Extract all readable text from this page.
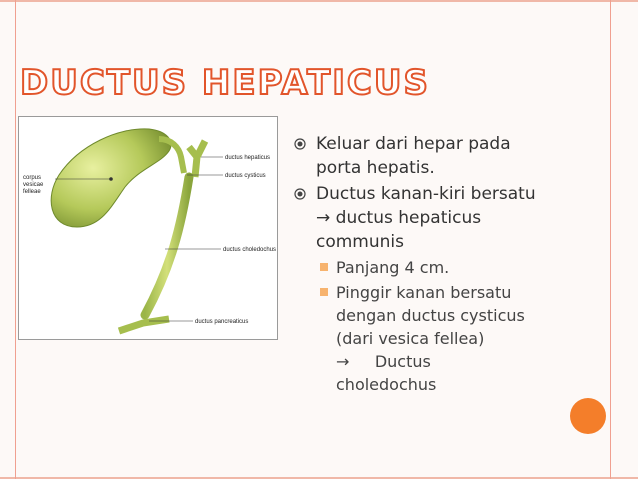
DUCTUS HEPATICUS
corpus
vesicae
felleae
ductus hepaticus
ductus cysticus
ductus choledochus
ductus pancreaticus
Keluar dari hepar pada
porta hepatis.
Ductus kanan-kiri bersatu
→ ductus hepaticus
communis
Panjang 4 cm.
Pinggir kanan bersatu
dengan ductus cysticus
(dari vesica fellea)
→     Ductus
choledochus
